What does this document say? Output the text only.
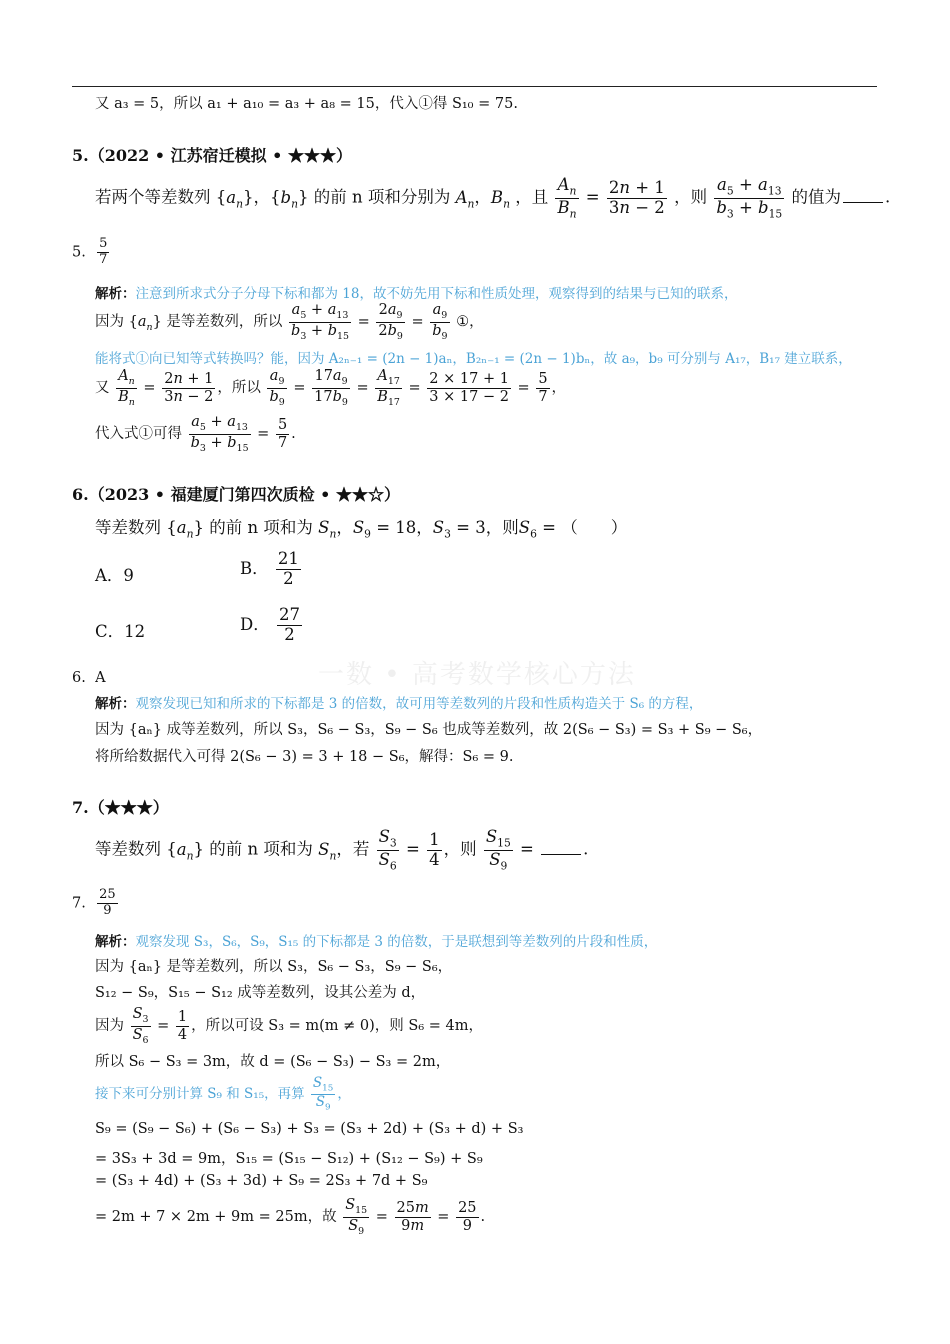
又 a₃ = 5，所以 a₁ + a₁₀ = a₃ + a₈ = 15，代入①得 S₁₀ = 75.
一数 • 高考数学核心方法
5.（2022 • 江苏宿迁模拟 • ★★★）
若两个等差数列 $\{a_n\}$，$\{b_n\}$ 的前 n 项和分别为 $A_n$，$B_n$ ，且 $\frac{A_n}{B_n} = \frac{2n + 1}{3n - 2}$ ，则 $\frac{a_5 + a_{13}}{b_3 + b_{15}}$ 的值为	.
5. $\frac{5}{7}$
解析：注意到所求式分子分母下标和都为 18，故不妨先用下标和性质处理，观察得到的结果与已知的联系，
因为 $\{a_n\}$ 是等差数列，所以 $\frac{a_5 + a_{13}}{b_3 + b_{15}} = \frac{2a_9}{2b_9} = \frac{a_9}{b_9}$ ①，
能将式①向已知等式转换吗？能，因为 A₂ₙ₋₁ = (2n − 1)aₙ，B₂ₙ₋₁ = (2n − 1)bₙ，故 a₉，b₉ 可分别与 A₁₇，B₁₇ 建立联系，
又 $\frac{A_n}{B_n} = \frac{2n + 1}{3n - 2}$ ，所以 $\frac{a_9}{b_9} = \frac{17a_9}{17b_9} = \frac{A_{17}}{B_{17}} = \frac{2 \times 17 + 1}{3 \times 17 - 2} = \frac{5}{7}$ ，
代入式①可得 $\frac{a_5 + a_{13}}{b_3 + b_{15}} = \frac{5}{7}$ .
6.（2023 • 福建厦门第四次质检 • ★★☆）
等差数列 $\{a_n\}$ 的前 n 项和为 $S_n$，$S_9 = 18$，$S_3 = 3$，则$S_6$ = （　　）
A．9	B． $\frac{21}{2}$
C．12	D． $\frac{27}{2}$
6.  A
解析：观察发现已知和所求的下标都是 3 的倍数，故可用等差数列的片段和性质构造关于 S₆ 的方程，
因为 {aₙ} 成等差数列，所以 S₃，S₆ − S₃，S₉ − S₆ 也成等差数列，故 2(S₆ − S₃) = S₃ + S₉ − S₆，
将所给数据代入可得 2(S₆ − 3) = 3 + 18 − S₆，解得：S₆ = 9.
7.（★★★）
等差数列 $\{a_n\}$ 的前 n 项和为 $S_n$，若 $\frac{S_3}{S_6} = \frac{1}{4}$ ，则 $\frac{S_{15}}{S_9}$ =	.
7. $\frac{25}{9}$
解析：观察发现 S₃，S₆，S₉，S₁₅ 的下标都是 3 的倍数，于是联想到等差数列的片段和性质，
因为 {aₙ} 是等差数列，所以 S₃，S₆ − S₃，S₉ − S₆，
S₁₂ − S₉，S₁₅ − S₁₂ 成等差数列，设其公差为 d，
因为 $\frac{S_3}{S_6} = \frac{1}{4}$ ，所以可设 S₃ = m(m ≠ 0)，则 S₆ = 4m，
所以 S₆ − S₃ = 3m，故 d = (S₆ − S₃) − S₃ = 2m，
接下来可分别计算 S₉ 和 S₁₅，再算 $\frac{S_{15}}{S_9}$ ，
S₉ = (S₉ − S₆) + (S₆ − S₃) + S₃ = (S₃ + 2d) + (S₃ + d) + S₃
= 3S₃ + 3d = 9m，S₁₅ = (S₁₅ − S₁₂) + (S₁₂ − S₉) + S₉
= (S₃ + 4d) + (S₃ + 3d) + S₉ = 2S₃ + 7d + S₉
= 2m + 7 × 2m + 9m = 25m，故 $\frac{S_{15}}{S_9} = \frac{25m}{9m} = \frac{25}{9}$ .
